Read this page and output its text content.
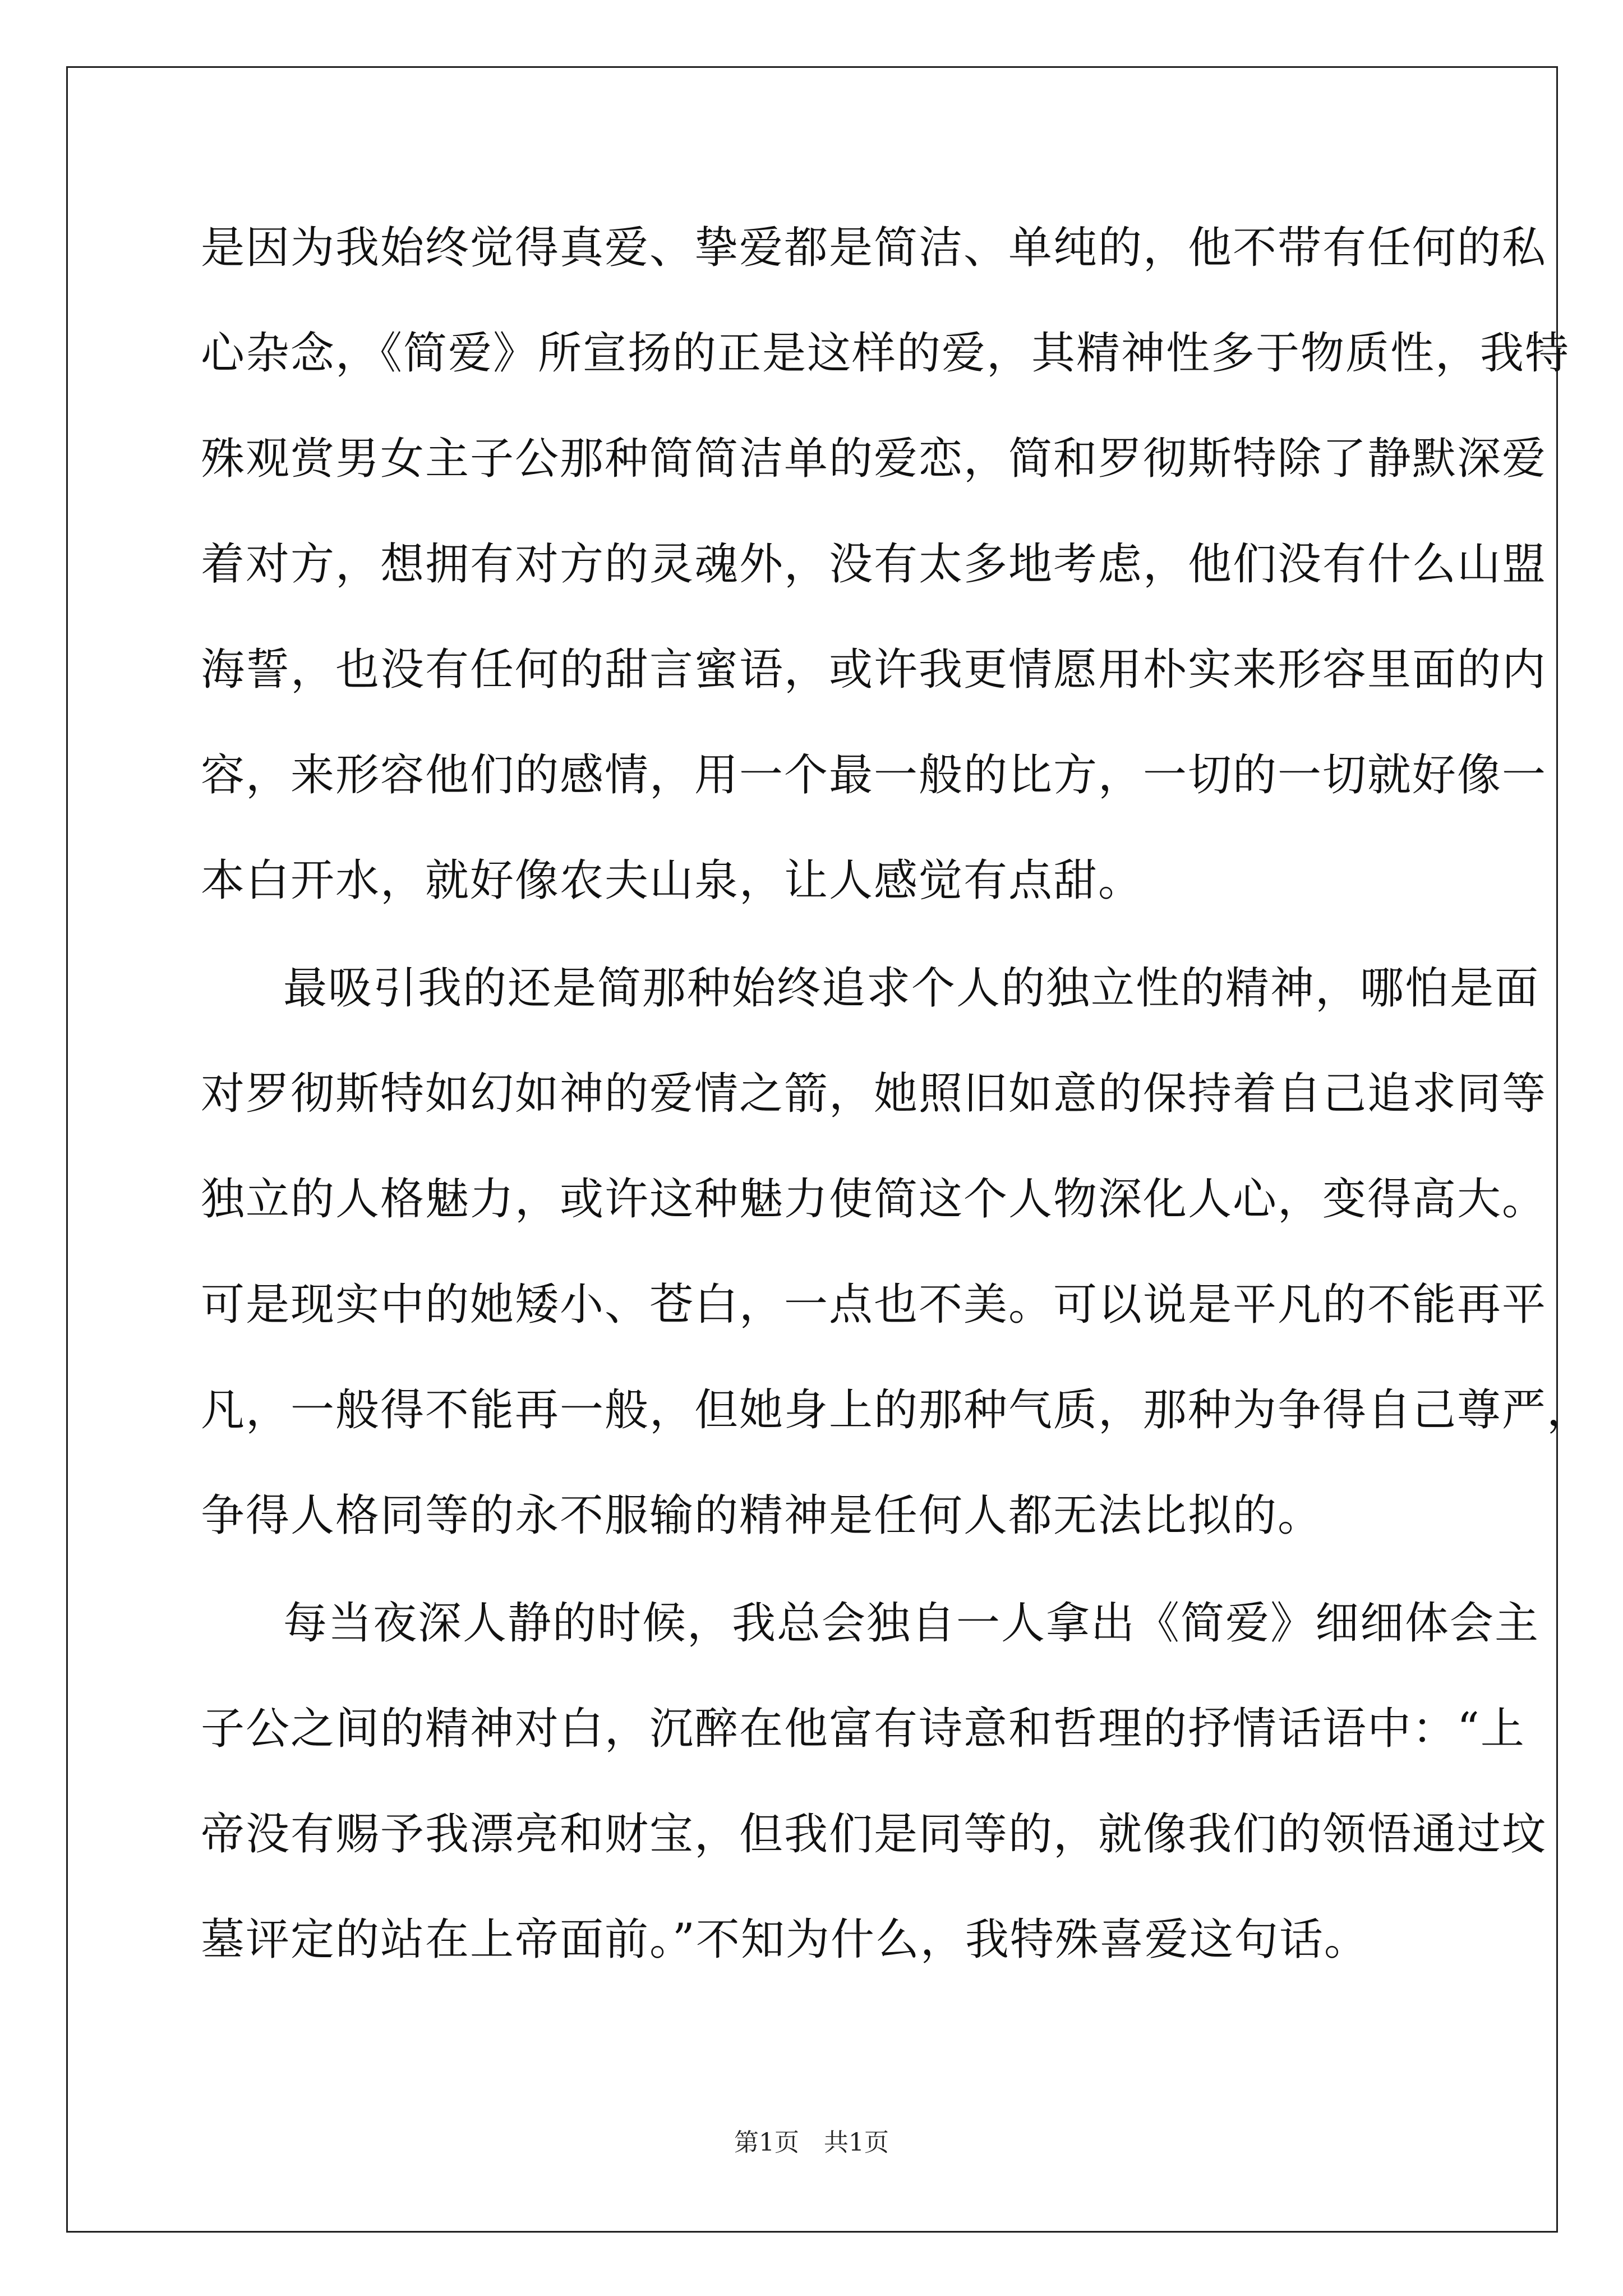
是因为我始终觉得真爱、挚爱都是简洁、单纯的，他不带有任何的私
心杂念，《简爱》所宣扬的正是这样的爱，其精神性多于物质性，我特
殊观赏男女主子公那种简简洁单的爱恋，简和罗彻斯特除了静默深爱
着对方，想拥有对方的灵魂外，没有太多地考虑，他们没有什么山盟
海誓，也没有任何的甜言蜜语，或许我更情愿用朴实来形容里面的内
容，来形容他们的感情，用一个最一般的比方，一切的一切就好像一
本白开水，就好像农夫山泉，让人感觉有点甜。
最吸引我的还是简那种始终追求个人的独立性的精神，哪怕是面
对罗彻斯特如幻如神的爱情之箭，她照旧如意的保持着自己追求同等
独立的人格魅力，或许这种魅力使简这个人物深化人心，变得高大。
可是现实中的她矮小、苍白，一点也不美。可以说是平凡的不能再平
凡，一般得不能再一般，但她身上的那种气质，那种为争得自己尊严，
争得人格同等的永不服输的精神是任何人都无法比拟的。
每当夜深人静的时候，我总会独自一人拿出《简爱》细细体会主
子公之间的精神对白，沉醉在他富有诗意和哲理的抒情话语中：“上
帝没有赐予我漂亮和财宝，但我们是同等的，就像我们的领悟通过坟
墓评定的站在上帝面前。”不知为什么，我特殊喜爱这句话。
第1页　共1页
